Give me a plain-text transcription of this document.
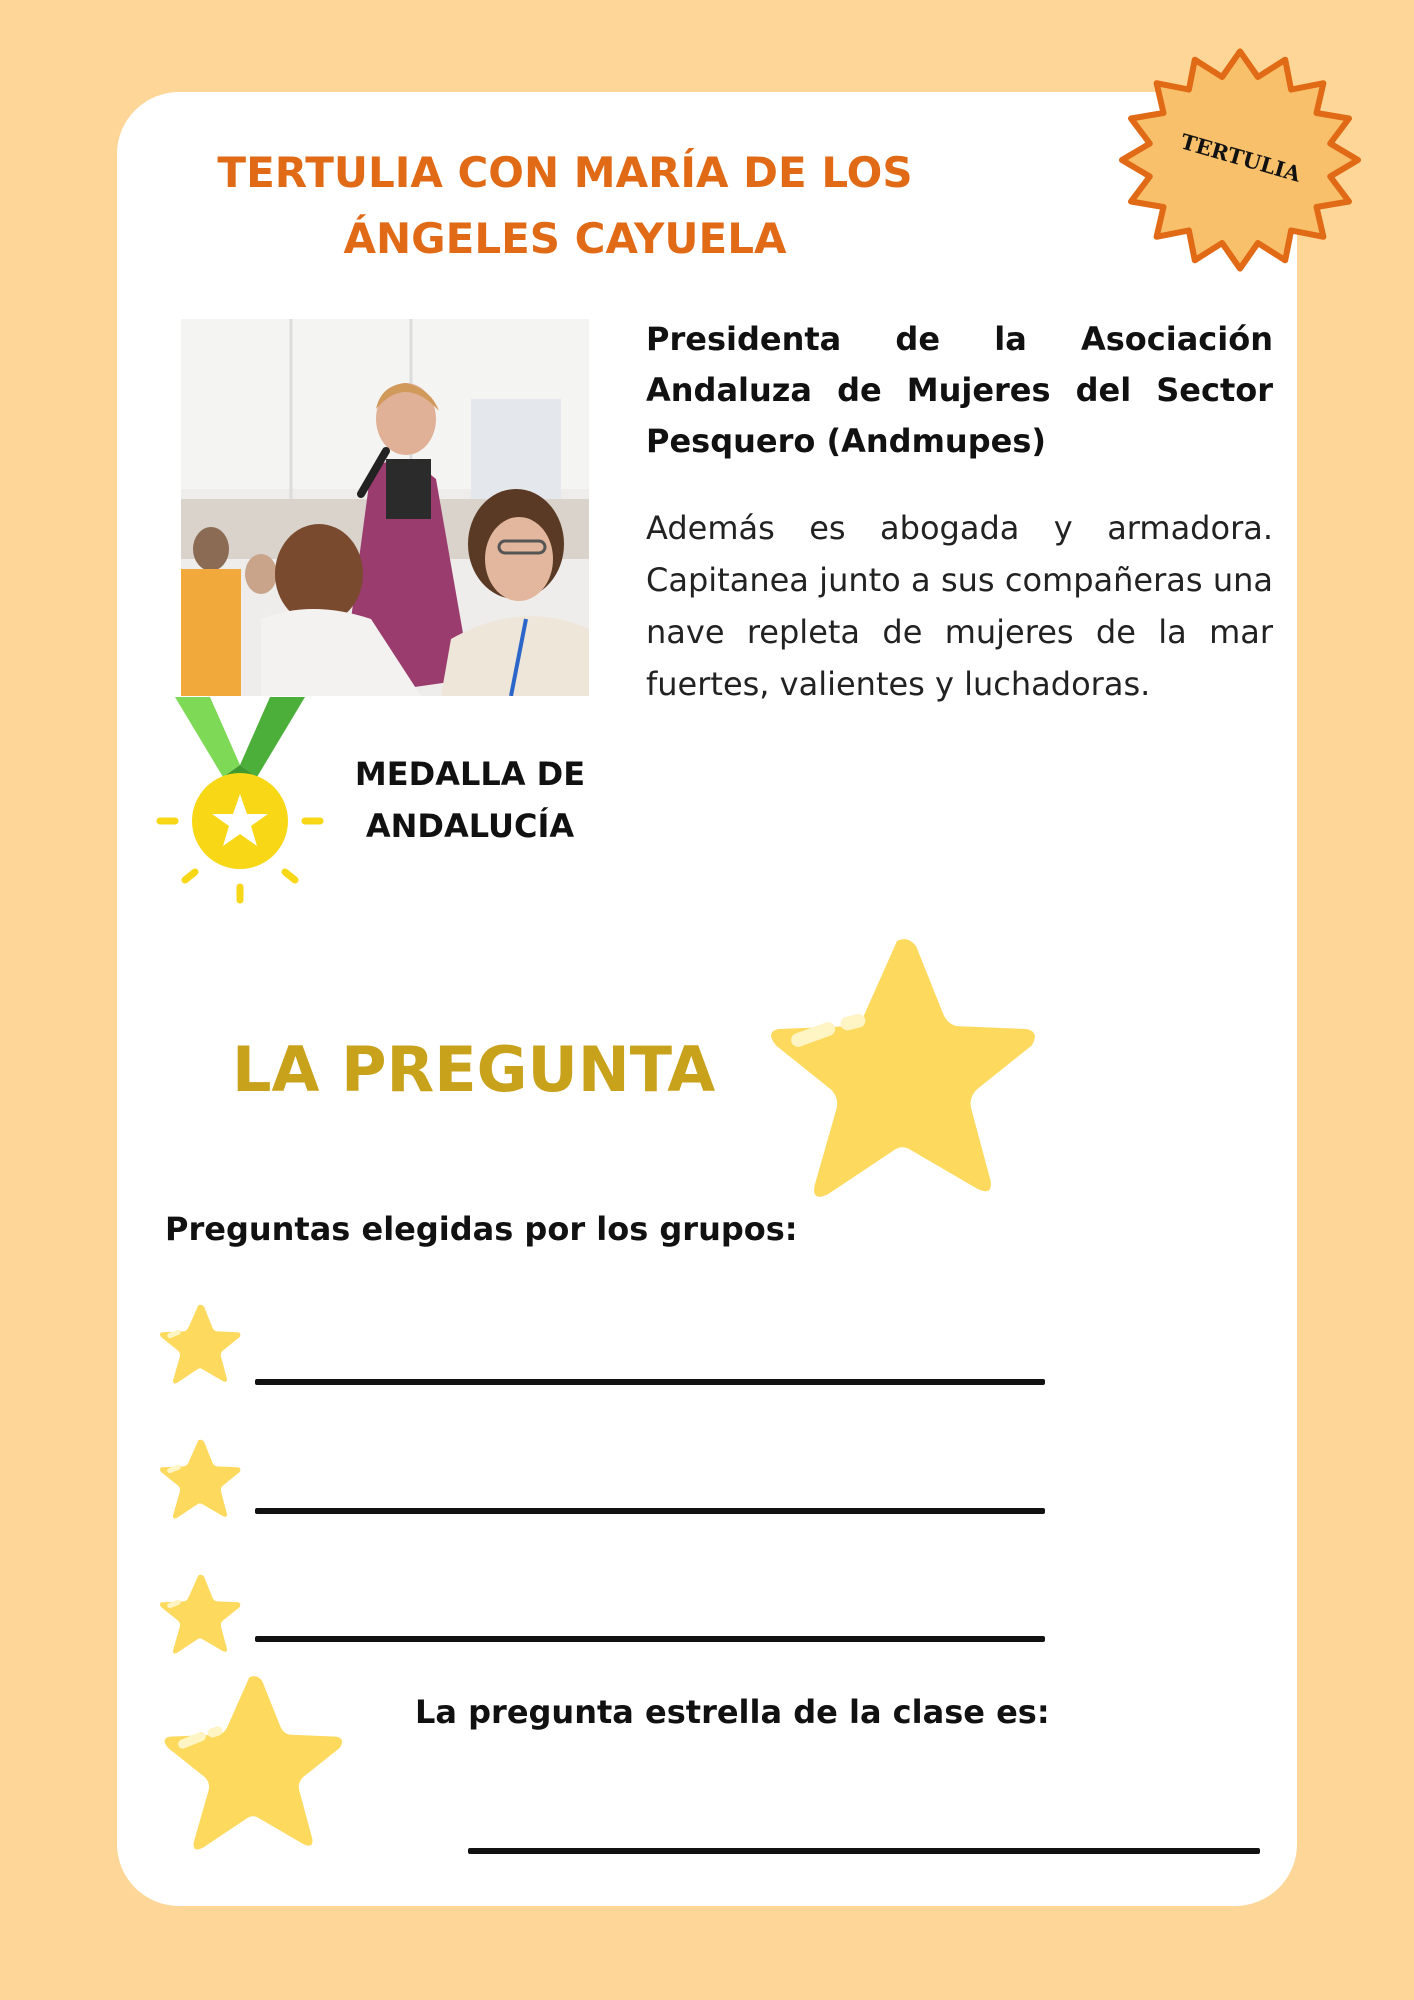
TERTULIA
TERTULIA CON MARÍA DE LOS ÁNGELES CAYUELA
Presidenta de la Asociación Andaluza de Mujeres del Sector Pesquero (Andmupes)
Además es abogada y armadora. Capitanea junto a sus compañeras una nave repleta de mujeres de la mar fuertes, valientes y luchadoras.
MEDALLA DE ANDALUCÍA
LA PREGUNTA
Preguntas elegidas por los grupos:
La pregunta estrella de la clase es:
